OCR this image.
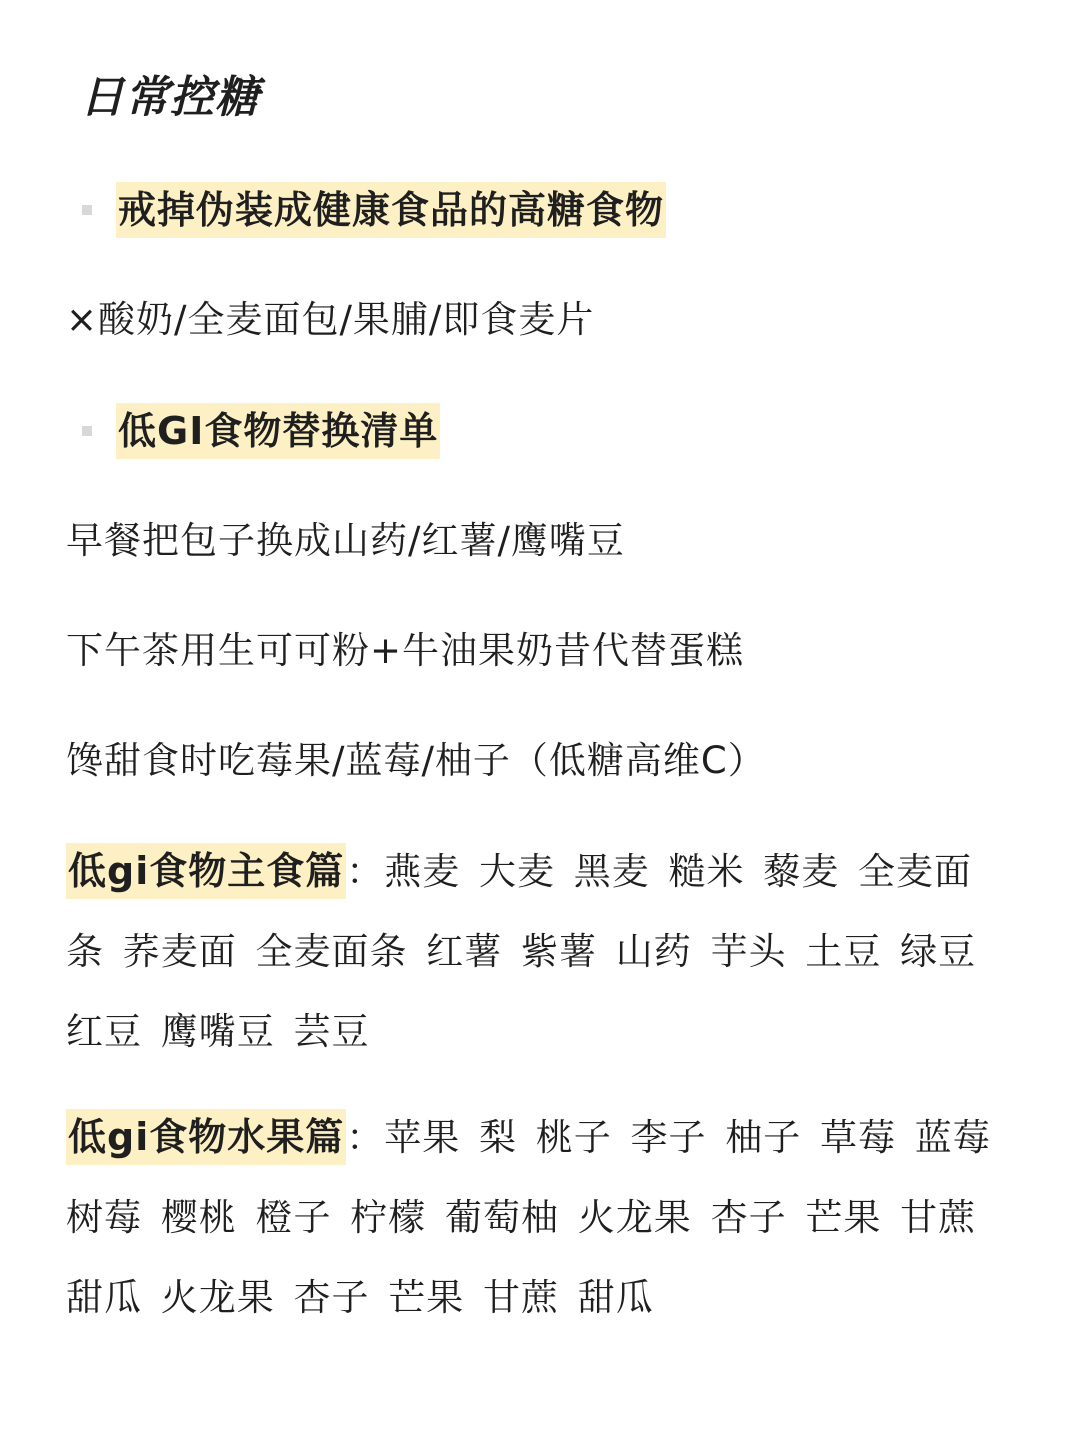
日常控糖
戒掉伪装成健康食品的高糖食物
×酸奶/全麦面包/果脯/即食麦片
低GI食物替换清单
早餐把包子换成山药/红薯/鹰嘴豆
下午茶用生可可粉+牛油果奶昔代替蛋糕
馋甜食时吃莓果/蓝莓/柚子（低糖高维C）

低gi食物主食篇：燕麦 大麦 黑麦 糙米 藜麦 全麦面条 荞麦面 全麦面条 红薯 紫薯 山药 芋头 土豆 绿豆 红豆 鹰嘴豆 芸豆

低gi食物水果篇：苹果 梨 桃子 李子 柚子 草莓 蓝莓 树莓 樱桃 橙子 柠檬 葡萄柚 火龙果 杏子 芒果 甘蔗 甜瓜 火龙果 杏子 芒果 甘蔗 甜瓜
